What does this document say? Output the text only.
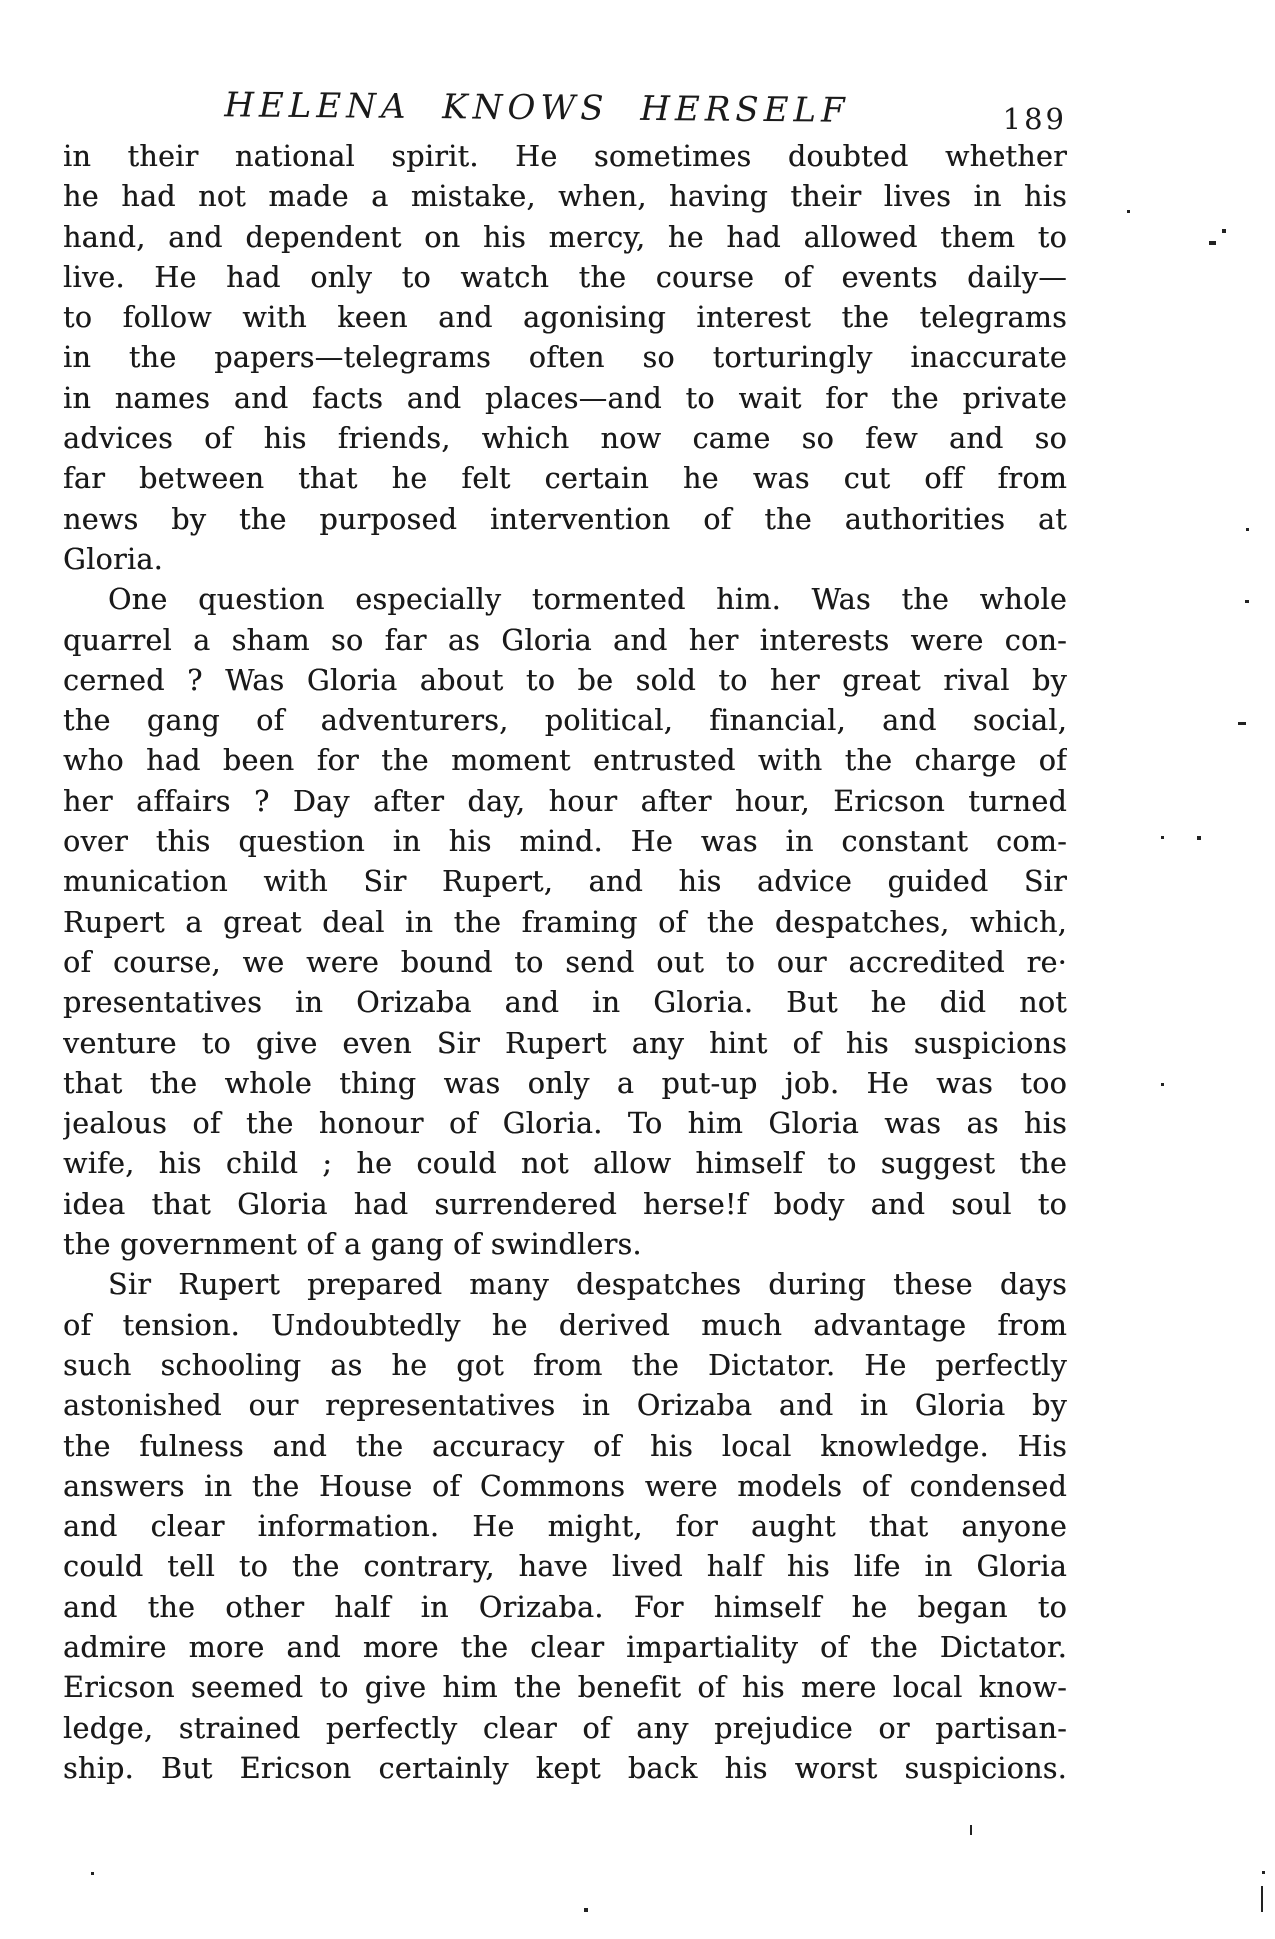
HELENA KNOWS HERSELF	189
in their national spirit. He sometimes doubted whether
he had not made a mistake, when, having their lives in his
hand, and dependent on his mercy, he had allowed them to
live. He had only to watch the course of events daily—
to follow with keen and agonising interest the telegrams
in the papers—telegrams often so torturingly inaccurate
in names and facts and places—and to wait for the private
advices of his friends, which now came so few and so
far between that he felt certain he was cut off from
news by the purposed intervention of the authorities at
Gloria.
One question especially tormented him. Was the whole
quarrel a sham so far as Gloria and her interests were con-
cerned ? Was Gloria about to be sold to her great rival by
the gang of adventurers, political, financial, and social,
who had been for the moment entrusted with the charge of
her affairs ? Day after day, hour after hour, Ericson turned
over this question in his mind. He was in constant com-
munication with Sir Rupert, and his advice guided Sir
Rupert a great deal in the framing of the despatches, which,
of course, we were bound to send out to our accredited re·
presentatives in Orizaba and in Gloria. But he did not
venture to give even Sir Rupert any hint of his suspicions
that the whole thing was only a put-up job. He was too
jealous of the honour of Gloria. To him Gloria was as his
wife, his child ; he could not allow himself to suggest the
idea that Gloria had surrendered herse!f body and soul to
the government of a gang of swindlers.
Sir Rupert prepared many despatches during these days
of tension. Undoubtedly he derived much advantage from
such schooling as he got from the Dictator. He perfectly
astonished our representatives in Orizaba and in Gloria by
the fulness and the accuracy of his local knowledge. His
answers in the House of Commons were models of condensed
and clear information. He might, for aught that anyone
could tell to the contrary, have lived half his life in Gloria
and the other half in Orizaba. For himself he began to
admire more and more the clear impartiality of the Dictator.
Ericson seemed to give him the benefit of his mere local know-
ledge, strained perfectly clear of any prejudice or partisan-
ship. But Ericson certainly kept back his worst suspicions.
